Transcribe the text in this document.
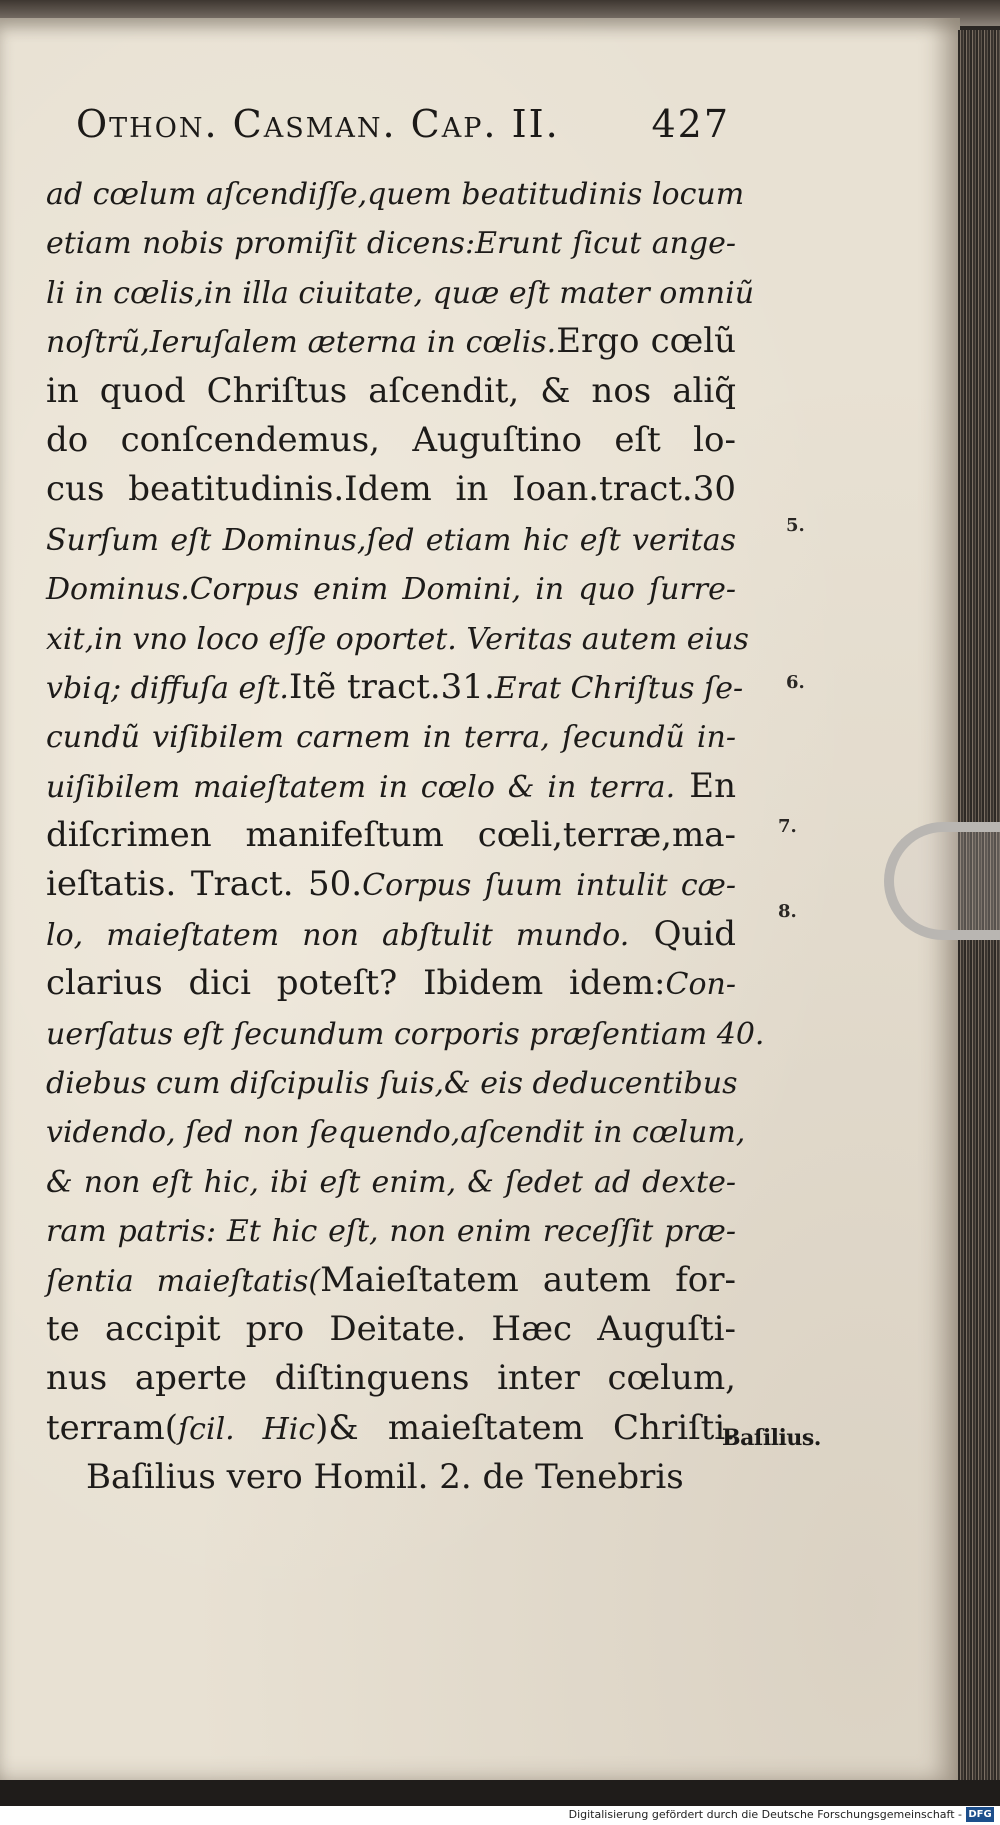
Othon. Casman. Cap. II. 427
ad cœlum aſcendiſſe,quem beatitudinis locum
etiam nobis promiſit dicens:Erunt ſicut ange-
li in cœlis,in illa ciuitate, quæ eſt mater omniũ
noſtrũ,Ieruſalem æterna in cœlis.Ergo cœlũ
in quod Chriſtus aſcendit, & nos aliq̃
do conſcendemus, Auguſtino eſt lo-
cus beatitudinis.Idem in Ioan.tract.30
Surſum eſt Dominus,ſed etiam hic eſt veritas
Dominus.Corpus enim Domini, in quo ſurre-
xit,in vno loco eſſe oportet. Veritas autem eius
vbiq; diffuſa eſt.Itẽ tract.31.Erat Chriſtus ſe-
cundũ viſibilem carnem in terra, ſecundũ in-
uiſibilem maieſtatem in cœlo & in terra. En
diſcrimen manifeſtum cœli,terræ,ma-
ieſtatis. Tract. 50.Corpus ſuum intulit cæ-
lo, maieſtatem non abſtulit mundo. Quid
clarius dici poteſt? Ibidem idem:Con-
uerſatus eſt ſecundum corporis præſentiam 40.
diebus cum diſcipulis ſuis,& eis deducentibus
videndo, ſed non ſequendo,aſcendit in cœlum,
& non eſt hic, ibi eſt enim, & ſedet ad dexte-
ram patris: Et hic eſt, non enim receſſit præ-
ſentia maieſtatis(Maieſtatem autem for-
te accipit pro Deitate. Hæc Auguſti-
nus aperte diſtinguens inter cœlum,
terram(ſcil. Hic)& maieſtatem Chriſti.
Baſilius vero Homil. 2. de Tenebris
5.
6.
7.
8.
Baſilius.
Digitalisierung gefördert durch die Deutsche Forschungsgemeinschaft - DFG
